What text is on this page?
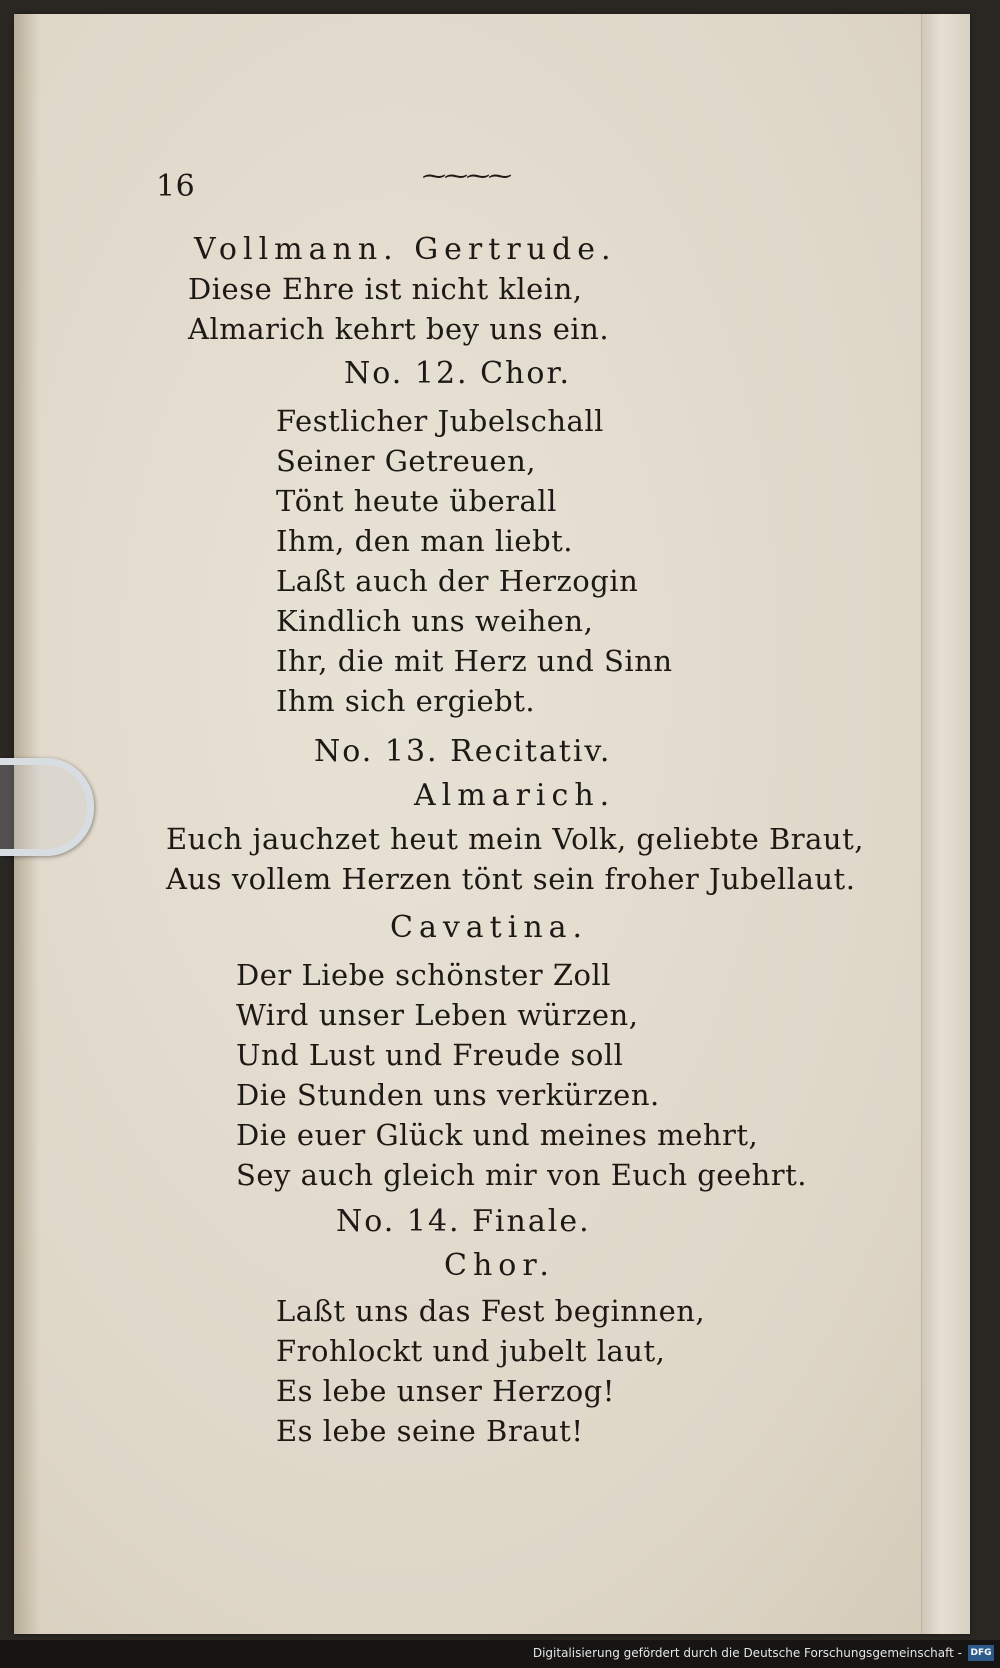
16	⁓⁓⁓⁓
Vollmann. Gertrude.
Diese Ehre ist nicht klein,
Almarich kehrt bey uns ein.
No. 12. Chor.
Festlicher Jubelschall
Seiner Getreuen,
Tönt heute überall
Ihm, den man liebt.
Laßt auch der Herzogin
Kindlich uns weihen,
Ihr, die mit Herz und Sinn
Ihm sich ergiebt.
No. 13. Recitativ.
Almarich.
Euch jauchzet heut mein Volk, geliebte Braut,
Aus vollem Herzen tönt sein froher Jubellaut.
Cavatina.
Der Liebe schönster Zoll
Wird unser Leben würzen,
Und Lust und Freude soll
Die Stunden uns verkürzen.
Die euer Glück und meines mehrt,
Sey auch gleich mir von Euch geehrt.
No. 14. Finale.
Chor.
Laßt uns das Fest beginnen,
Frohlockt und jubelt laut,
Es lebe unser Herzog!
Es lebe seine Braut!
Digitalisierung gefördert durch die Deutsche Forschungsgemeinschaft - DFG
